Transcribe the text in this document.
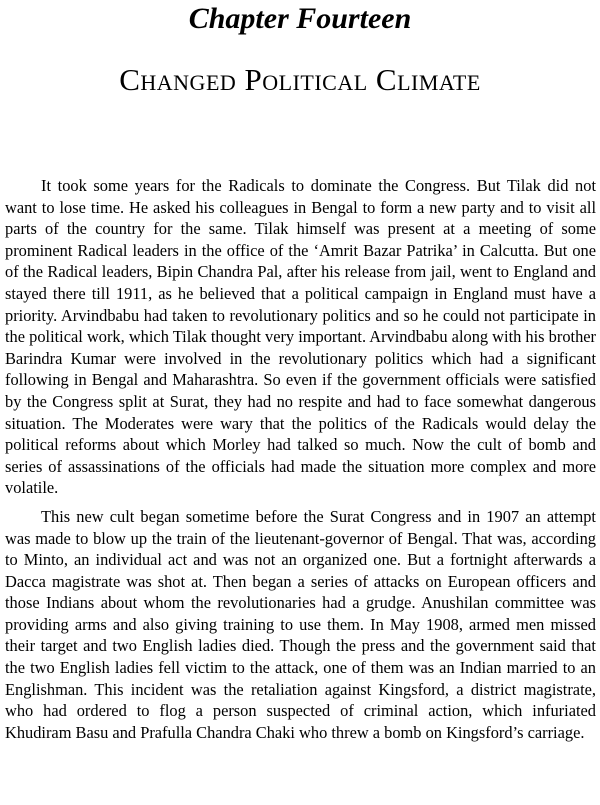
Chapter Fourteen
Changed Political Climate

It took some years for the Radicals to dominate the Congress. But Tilak did not want to lose time. He asked his colleagues in Bengal to form a new party and to visit all parts of the country for the same. Tilak himself was present at a meeting of some prominent Radical leaders in the office of the ‘Amrit Bazar Patrika’ in Calcutta. But one of the Radical leaders, Bipin Chandra Pal, after his release from jail, went to England and stayed there till 1911, as he believed that a political campaign in England must have a priority. Arvindbabu had taken to revolutionary politics and so he could not participate in the political work, which Tilak thought very important. Arvindbabu along with his brother Barindra Kumar were involved in the revolutionary politics which had a significant following in Bengal and Maharashtra. So even if the government officials were satisfied by the Congress split at Surat, they had no respite and had to face somewhat dangerous situation. The Moderates were wary that the politics of the Radicals would delay the political reforms about which Morley had talked so much. Now the cult of bomb and series of assassinations of the officials had made the situation more complex and more volatile.

This new cult began sometime before the Surat Congress and in 1907 an attempt was made to blow up the train of the lieutenant-governor of Bengal. That was, according to Minto, an individual act and was not an organized one. But a fortnight afterwards a Dacca magistrate was shot at. Then began a series of attacks on European officers and those Indians about whom the revolutionaries had a grudge. Anushilan committee was providing arms and also giving training to use them. In May 1908, armed men missed their target and two English ladies died. Though the press and the government said that the two English ladies fell victim to the attack, one of them was an Indian married to an Englishman. This incident was the retaliation against Kingsford, a district magistrate, who had ordered to flog a person suspected of criminal action, which infuriated Khudiram Basu and Prafulla Chandra Chaki who threw a bomb on Kingsford’s carriage.
